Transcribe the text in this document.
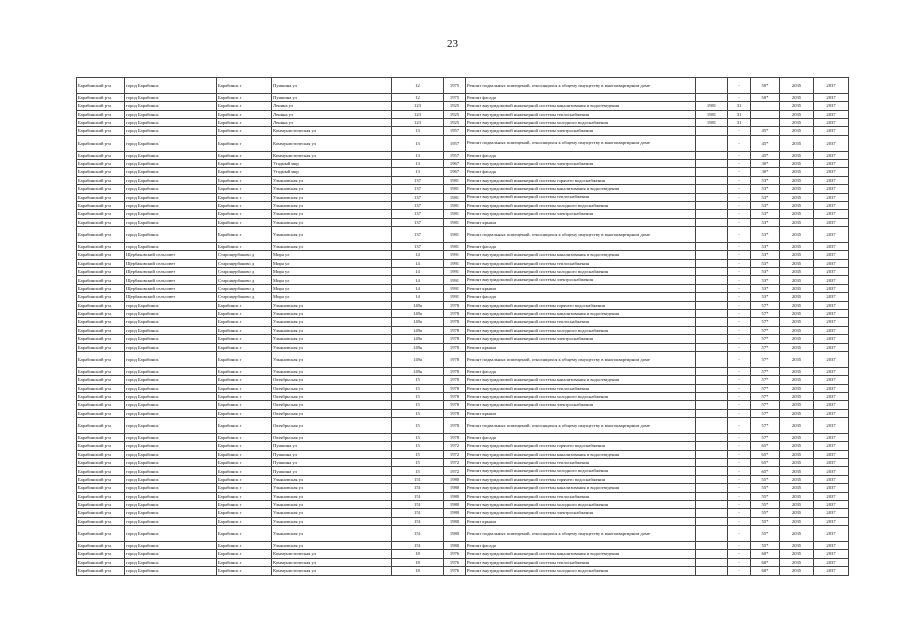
23
Барабинский р-н	город Барабинск	Барабинск г	Пушкина ул	12	1975	Ремонт подвальных помещений, относящихся к общему имуществу в многоквартирном доме		-	50*	2035	2037
Барабинский р-н	город Барабинск	Барабинск г	Пушкина ул	12	1975	Ремонт фасада		-	50*	2035	2037
Барабинский р-н	город Барабинск	Барабинск г	Ленина ул	123	1925	Ремонт внутридомовой инженерной системы канализования и водоотведения	1981	31		2035	2037
Барабинский р-н	город Барабинск	Барабинск г	Ленина ул	123	1925	Ремонт внутридомовой инженерной системы теплоснабжения	1981	31		2035	2037
Барабинский р-н	город Барабинск	Барабинск г	Ленина ул	123	1925	Ремонт внутридомовой инженерной системы холодного водоснабжения	1981	31		2035	2037
Барабинский р-н	город Барабинск	Барабинск г	Коммунистическая ул	13	1957	Ремонт внутридомовой инженерной системы электроснабжения		-	45*	2035	2037
Барабинский р-н	город Барабинск	Барабинск г	Коммунистическая ул	13	1957	Ремонт подвальных помещений, относящихся к общему имуществу в многоквартирном доме		-	45*	2035	2037
Барабинский р-н	город Барабинск	Барабинск г	Коммунистическая ул	13	1957	Ремонт фасада		-	45*	2035	2037
Барабинский р-н	город Барабинск	Барабинск г	Угадный мкр	13	1967	Ремонт внутридомовой инженерной системы электроснабжения		-	30*	2035	2037
Барабинский р-н	город Барабинск	Барабинск г	Угадный мкр	13	1967	Ремонт фасада		-	30*	2035	2037
Барабинский р-н	город Барабинск	Барабинск г	Ульяновская ул	137	1981	Ремонт внутридомовой инженерной системы горячего водоснабжения		-	53*	2035	2037
Барабинский р-н	город Барабинск	Барабинск г	Ульяновская ул	137	1981	Ремонт внутридомовой инженерной системы канализования и водоотведения		-	53*	2035	2037
Барабинский р-н	город Барабинск	Барабинск г	Ульяновская ул	137	1981	Ремонт внутридомовой инженерной системы теплоснабжения		-	53*	2035	2037
Барабинский р-н	город Барабинск	Барабинск г	Ульяновская ул	137	1981	Ремонт внутридомовой инженерной системы холодного водоснабжения		-	53*	2035	2037
Барабинский р-н	город Барабинск	Барабинск г	Ульяновская ул	137	1981	Ремонт внутридомовой инженерной системы электроснабжения		-	53*	2035	2037
Барабинский р-н	город Барабинск	Барабинск г	Ульяновская ул	137	1981	Ремонт крыши		-	53*	2035	2037
Барабинский р-н	город Барабинск	Барабинск г	Ульяновская ул	137	1981	Ремонт подвальных помещений, относящихся к общему имуществу в многоквартирном доме		-	53*	2035	2037
Барабинский р-н	город Барабинск	Барабинск г	Ульяновская ул	137	1981	Ремонт фасада		-	53*	2035	2037
Барабинский р-н	Щербаковский сельсовет	Старощербаково д	Мира ул	14	1991	Ремонт внутридомовой инженерной системы канализования и водоотведения		-	53*	2035	2037
Барабинский р-н	Щербаковский сельсовет	Старощербаково д	Мира ул	14	1991	Ремонт внутридомовой инженерной системы теплоснабжения		-	53*	2035	2037
Барабинский р-н	Щербаковский сельсовет	Старощербаково д	Мира ул	14	1991	Ремонт внутридомовой инженерной системы холодного водоснабжения		-	53*	2035	2037
Барабинский р-н	Щербаковский сельсовет	Старощербаково д	Мира ул	14	1991	Ремонт внутридомовой инженерной системы электроснабжения		-	53*	2035	2037
Барабинский р-н	Щербаковский сельсовет	Старощербаково д	Мира ул	14	1991	Ремонт крыши		-	53*	2035	2037
Барабинский р-н	Щербаковский сельсовет	Старощербаково д	Мира ул	14	1991	Ремонт фасада		-	53*	2035	2037
Барабинский р-н	город Барабинск	Барабинск г	Ульяновская ул	149а	1978	Ремонт внутридомовой инженерной системы горячего водоснабжения		-	57*	2035	2037
Барабинский р-н	город Барабинск	Барабинск г	Ульяновская ул	149а	1978	Ремонт внутридомовой инженерной системы канализования и водоотведения		-	57*	2035	2037
Барабинский р-н	город Барабинск	Барабинск г	Ульяновская ул	149а	1978	Ремонт внутридомовой инженерной системы теплоснабжения		-	57*	2035	2037
Барабинский р-н	город Барабинск	Барабинск г	Ульяновская ул	149а	1978	Ремонт внутридомовой инженерной системы холодного водоснабжения		-	57*	2035	2037
Барабинский р-н	город Барабинск	Барабинск г	Ульяновская ул	149а	1978	Ремонт внутридомовой инженерной системы электроснабжения		-	57*	2035	2037
Барабинский р-н	город Барабинск	Барабинск г	Ульяновская ул	149а	1978	Ремонт крыши		-	57*	2035	2037
Барабинский р-н	город Барабинск	Барабинск г	Ульяновская ул	149а	1978	Ремонт подвальных помещений, относящихся к общему имуществу в многоквартирном доме		-	57*	2035	2037
Барабинский р-н	город Барабинск	Барабинск г	Ульяновская ул	149а	1978	Ремонт фасада		-	57*	2035	2037
Барабинский р-н	город Барабинск	Барабинск г	Октябрьская ул	15	1978	Ремонт внутридомовой инженерной системы канализования и водоотведения		-	57*	2035	2037
Барабинский р-н	город Барабинск	Барабинск г	Октябрьская ул	15	1978	Ремонт внутридомовой инженерной системы теплоснабжения		-	57*	2035	2037
Барабинский р-н	город Барабинск	Барабинск г	Октябрьская ул	15	1978	Ремонт внутридомовой инженерной системы холодного водоснабжения		-	57*	2035	2037
Барабинский р-н	город Барабинск	Барабинск г	Октябрьская ул	15	1978	Ремонт внутридомовой инженерной системы электроснабжения		-	57*	2035	2037
Барабинский р-н	город Барабинск	Барабинск г	Октябрьская ул	15	1978	Ремонт крыши		-	57*	2035	2037
Барабинский р-н	город Барабинск	Барабинск г	Октябрьская ул	15	1978	Ремонт подвальных помещений, относящихся к общему имуществу в многоквартирном доме		-	57*	2035	2037
Барабинский р-н	город Барабинск	Барабинск г	Октябрьская ул	15	1978	Ремонт фасада		-	57*	2035	2037
Барабинский р-н	город Барабинск	Барабинск г	Пушкина ул	15	1972	Ремонт внутридомовой инженерной системы горячего водоснабжения		-	65*	2035	2037
Барабинский р-н	город Барабинск	Барабинск г	Пушкина ул	15	1972	Ремонт внутридомовой инженерной системы канализования и водоотведения		-	65*	2035	2037
Барабинский р-н	город Барабинск	Барабинск г	Пушкина ул	15	1972	Ремонт внутридомовой инженерной системы теплоснабжения		-	65*	2035	2037
Барабинский р-н	город Барабинск	Барабинск г	Пушкина ул	15	1972	Ремонт внутридомовой инженерной системы холодного водоснабжения		-	65*	2035	2037
Барабинский р-н	город Барабинск	Барабинск г	Ульяновская ул	151	1980	Ремонт внутридомовой инженерной системы горячего водоснабжения		-	55*	2035	2037
Барабинский р-н	город Барабинск	Барабинск г	Ульяновская ул	151	1980	Ремонт внутридомовой инженерной системы канализования и водоотведения		-	55*	2035	2037
Барабинский р-н	город Барабинск	Барабинск г	Ульяновская ул	151	1980	Ремонт внутридомовой инженерной системы теплоснабжения		-	55*	2035	2037
Барабинский р-н	город Барабинск	Барабинск г	Ульяновская ул	151	1980	Ремонт внутридомовой инженерной системы холодного водоснабжения		-	55*	2035	2037
Барабинский р-н	город Барабинск	Барабинск г	Ульяновская ул	151	1980	Ремонт внутридомовой инженерной системы электроснабжения		-	55*	2035	2037
Барабинский р-н	город Барабинск	Барабинск г	Ульяновская ул	151	1980	Ремонт крыши		-	55*	2035	2037
Барабинский р-н	город Барабинск	Барабинск г	Ульяновская ул	151	1980	Ремонт подвальных помещений, относящихся к общему имуществу в многоквартирном доме		-	55*	2035	2037
Барабинский р-н	город Барабинск	Барабинск г	Ульяновская ул	151	1980	Ремонт фасада		-	55*	2035	2037
Барабинский р-н	город Барабинск	Барабинск г	Коммунистическая ул	18	1976	Ремонт внутридомовой инженерной системы канализования и водоотведения		-	60*	2035	2037
Барабинский р-н	город Барабинск	Барабинск г	Коммунистическая ул	18	1976	Ремонт внутридомовой инженерной системы теплоснабжения		-	60*	2035	2037
Барабинский р-н	город Барабинск	Барабинск г	Коммунистическая ул	18	1976	Ремонт внутридомовой инженерной системы холодного водоснабжения		-	60*	2035	2037
